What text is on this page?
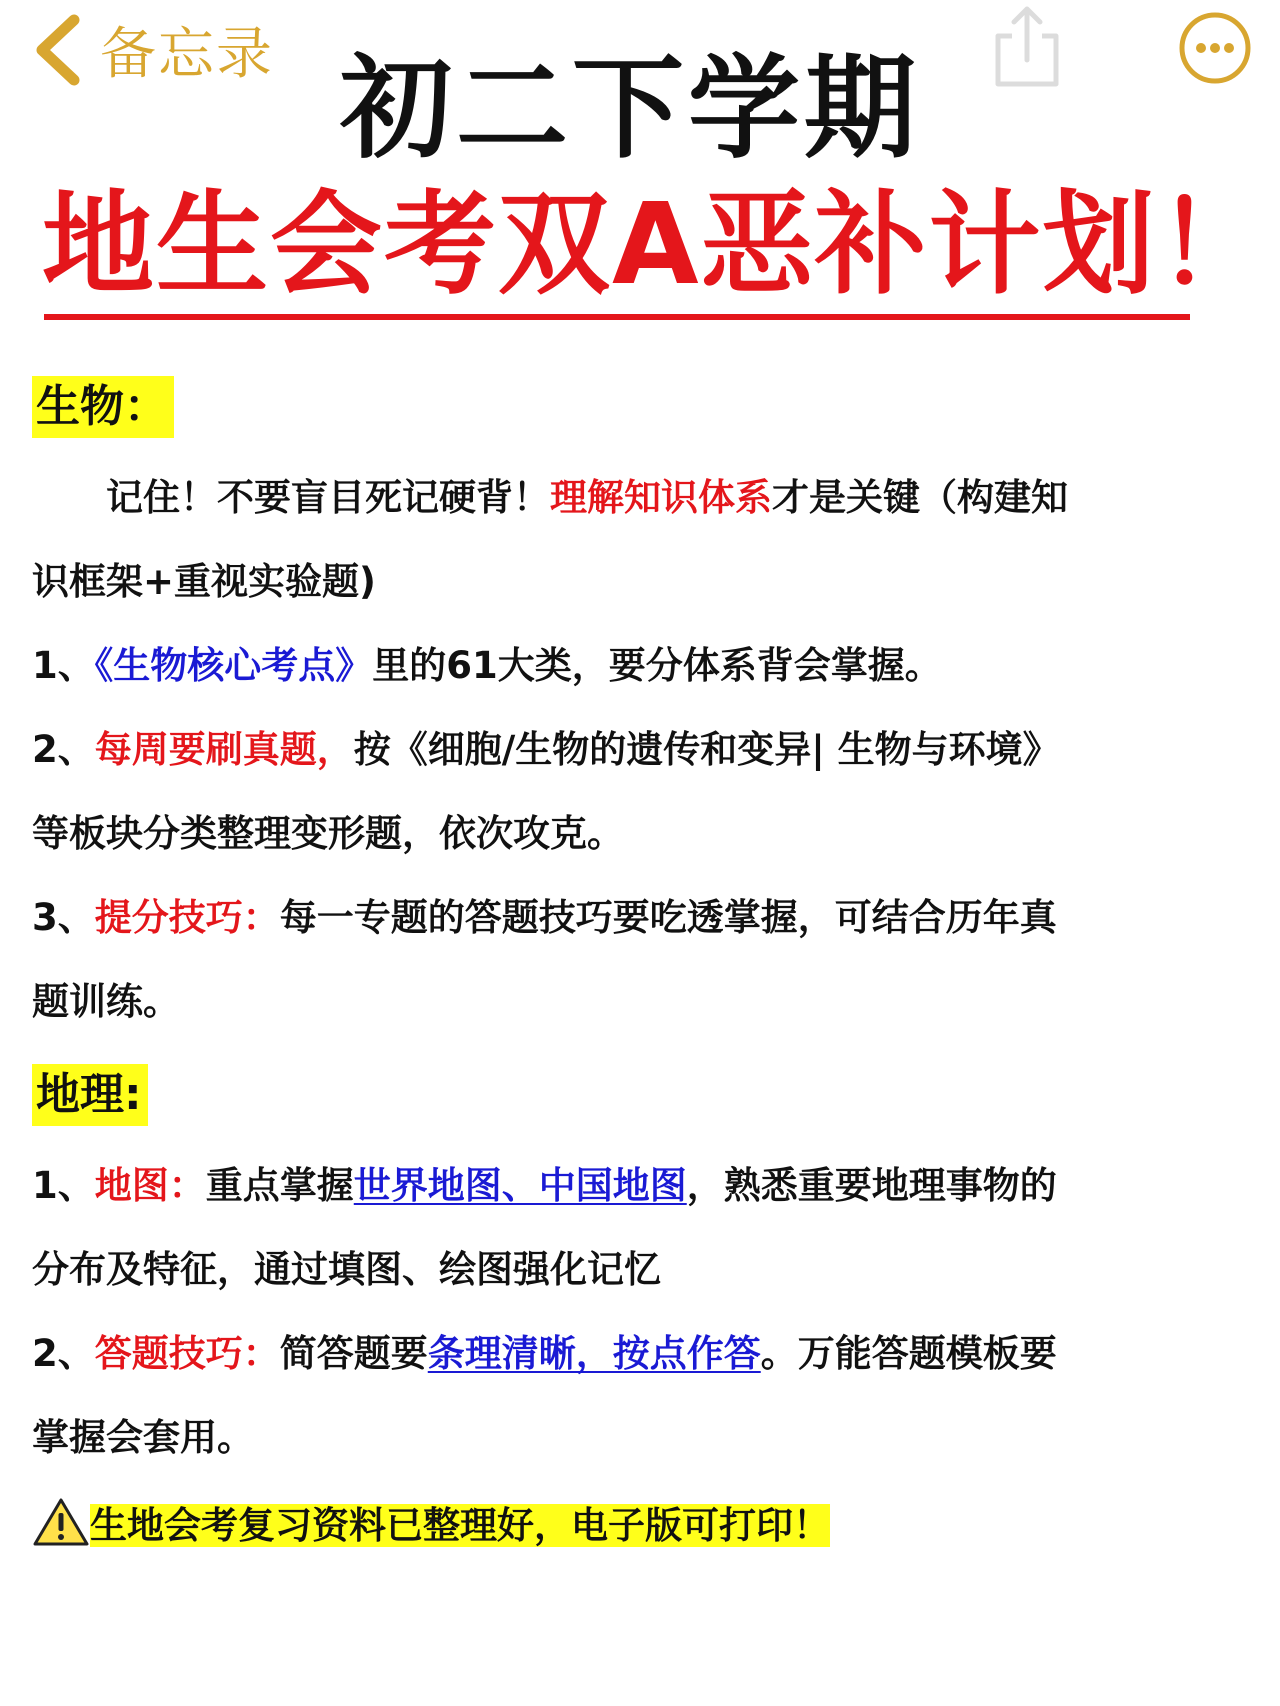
备忘录 初二下学期
地生会考双A恶补计划！
生物：
记住！不要盲目死记硬背！理解知识体系才是关键（构建知
识框架+重视实验题)
1、《生物核心考点》里的61大类，要分体系背会掌握。
2、每周要刷真题，按《细胞/生物的遗传和变异| 生物与环境》
等板块分类整理变形题，依次攻克。
3、提分技巧：每一专题的答题技巧要吃透掌握，可结合历年真
题训练。
地理:
1、地图：重点掌握世界地图、中国地图，熟悉重要地理事物的
分布及特征，通过填图、绘图强化记忆
2、答题技巧：简答题要条理清晰，按点作答。万能答题模板要
掌握会套用。
生地会考复习资料已整理好，电子版可打印！
